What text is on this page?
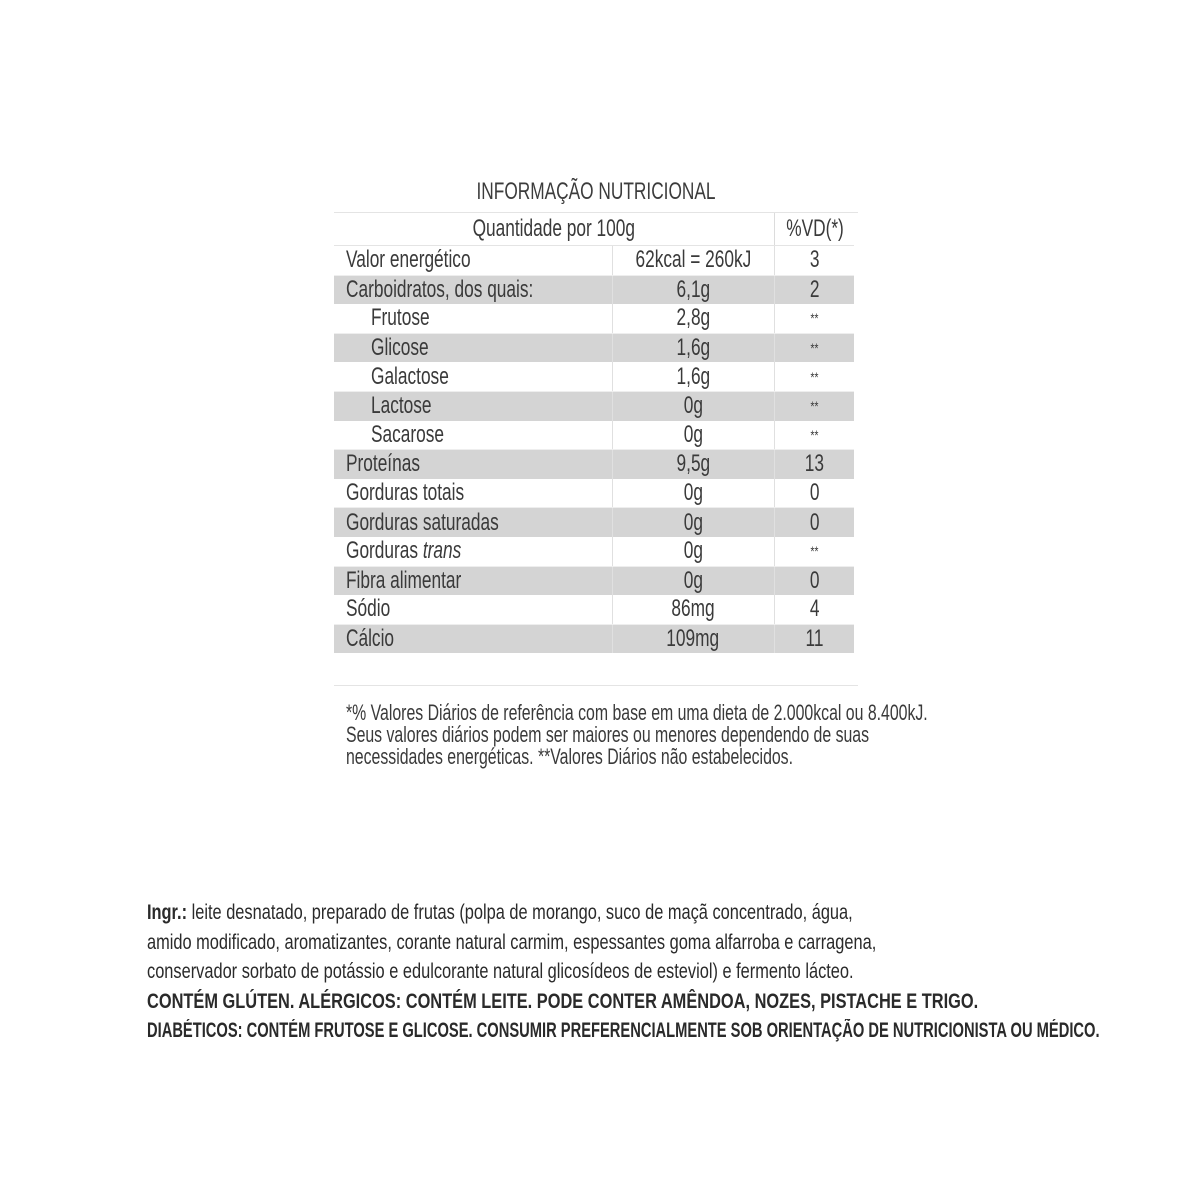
INFORMAÇÃO NUTRICIONAL
Quantidade por 100g		%VD(*)
Valor energético	62kcal = 260kJ	3
Carboidratos, dos quais:	6,1g	2
Frutose	2,8g	**
Glicose	1,6g	**
Galactose	1,6g	**
Lactose	0g	**
Sacarose	0g	**
Proteínas	9,5g	13
Gorduras totais	0g	0
Gorduras saturadas	0g	0
Gorduras trans	0g	**
Fibra alimentar	0g	0
Sódio	86mg	4
Cálcio	109mg	11
*% Valores Diários de referência com base em uma dieta de 2.000kcal ou 8.400kJ.
Seus valores diários podem ser maiores ou menores dependendo de suas
necessidades energéticas. **Valores Diários não estabelecidos.
Ingr.: leite desnatado, preparado de frutas (polpa de morango, suco de maçã concentrado, água,
amido modificado, aromatizantes, corante natural carmim, espessantes goma alfarroba e carragena,
conservador sorbato de potássio e edulcorante natural glicosídeos de esteviol) e fermento lácteo.
CONTÉM GLÚTEN. ALÉRGICOS: CONTÉM LEITE. PODE CONTER AMÊNDOA, NOZES, PISTACHE E TRIGO.
DIABÉTICOS: CONTÉM FRUTOSE E GLICOSE. CONSUMIR PREFERENCIALMENTE SOB ORIENTAÇÃO DE NUTRICIONISTA OU MÉDICO.
